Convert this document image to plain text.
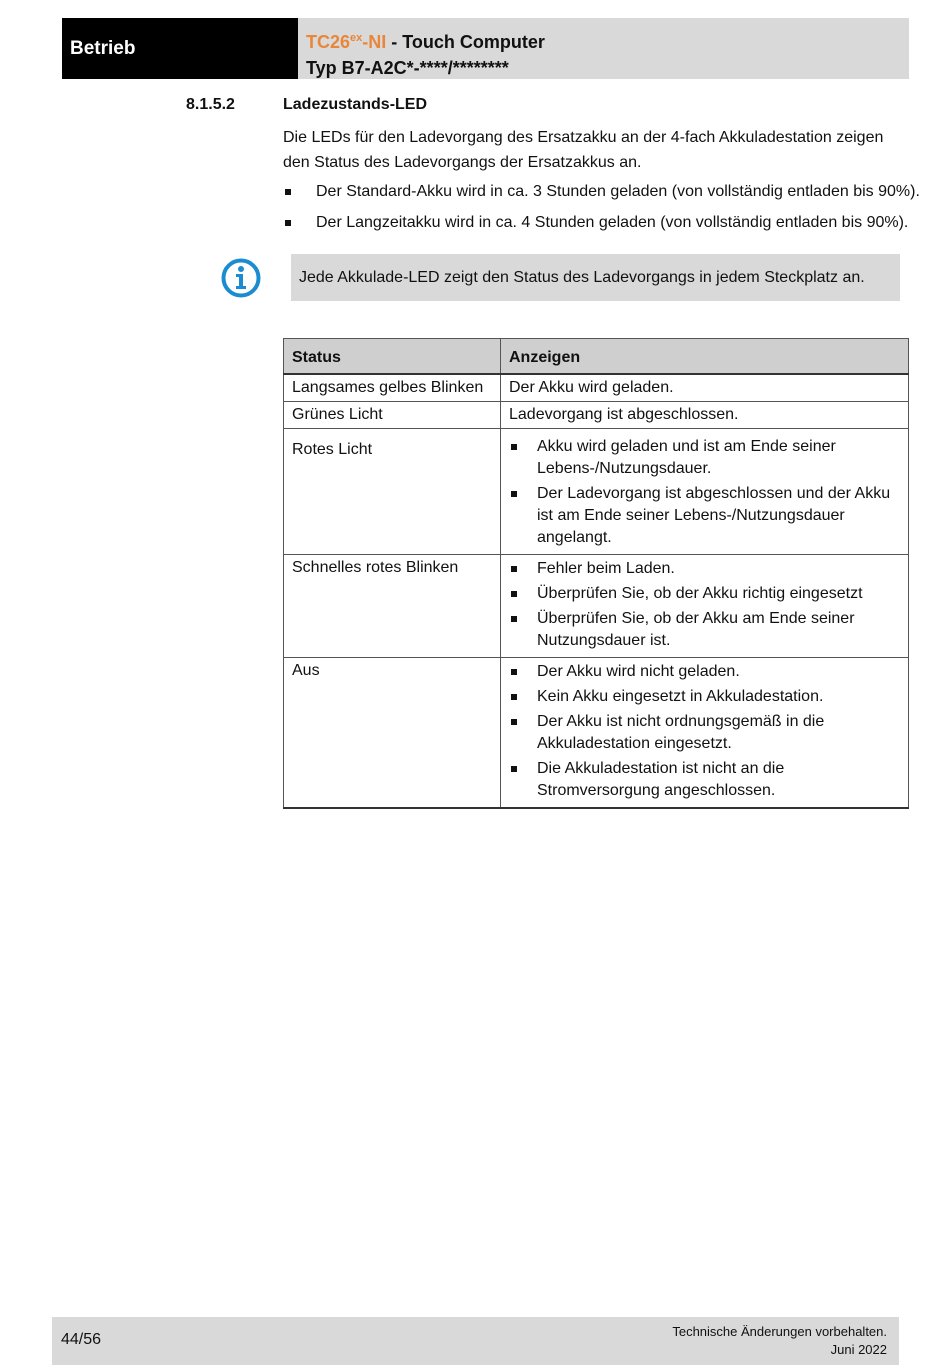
Betrieb	$TC26^{ex}-NI$ - Touch Computer
Typ B7-A2C*-****/********
8.1.5.2	Ladezustands-LED
Die LEDs für den Ladevorgang des Ersatzakku an der 4-fach Akkuladestation zeigen den Status des Ladevorgangs der Ersatzakkus an.
Der Standard-Akku wird in ca. 3 Stunden geladen (von vollständig entladen bis 90%).
Der Langzeitakku wird in ca. 4 Stunden geladen (von vollständig entladen bis 90%).
Jede Akkulade-LED zeigt den Status des Ladevorgangs in jedem Steckplatz an.
Status	Anzeigen
Langsames gelbes Blinken	Der Akku wird geladen.
Grünes Licht	Ladevorgang ist abgeschlossen.
Rotes Licht	Akku wird geladen und ist am Ende seiner Lebens-/Nutzungsdauer.
Der Ladevorgang ist abgeschlossen und der Akku ist am Ende seiner Lebens-/Nutzungsdauer angelangt.

Schnelles rotes Blinken	Fehler beim Laden.
Überprüfen Sie, ob der Akku richtig eingesetzt
Überprüfen Sie, ob der Akku am Ende seiner Nutzungsdauer ist.

Aus	Der Akku wird nicht geladen.
Kein Akku eingesetzt in Akkuladestation.
Der Akku ist nicht ordnungsgemäß in die Akkuladestation eingesetzt.
Die Akkuladestation ist nicht an die Stromversorgung angeschlossen.
44/56	Technische Änderungen vorbehalten.
Juni 2022
